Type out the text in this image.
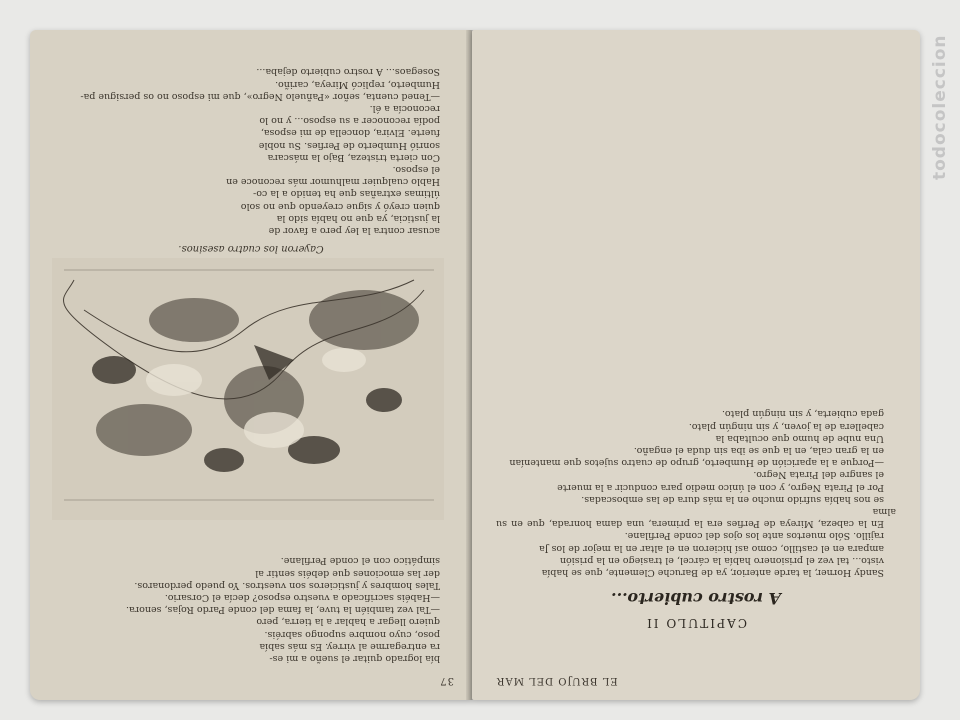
37

bía logrado quitar el sueño a mi es-

ra entregarme al virrey. Es más sabía

poso, cuyo nombre supongo sabréis.

quiero llegar a hablar a la tierra, pero

—Tal vez también la tuve, la fama del conde Pardo Rojas, senora.

—Habéis sacrificado a vuestro esposo? decía el Corsario.

Tales hombres y justicieros son vuestros. Yo puedo perdonaros.

der las emociones que debéis sentir al

simpático con el conde Perfilane.

Cayeron los cuatro asesinos.

acusar contra la ley pero a favor de

la justicia, ya que no había sido la

quien creyó y sigue creyendo que no solo

últimas extrañas que ha tenido a la co-

Hablo cualquier malhumor más reconoce en

el esposo.

Con cierta tristeza, Bajo la máscara

sonrió Humberto de Perfies. Su noble

fuerte. Elvira, doncella de mi esposa,

podía reconocer a su esposo... y no lo

reconocía a él.

—Tened cuenta, señor «Pañuelo Negro», que mi esposo no os persigue pa-

Humberto, replicó Mireya, cariño.

Sosegaos... A rostro cubierto dejaba...

EL BRUJO DEL MAR
CAPITULO II
A rostro cubierto...

Sandy Horner, la tarde anterior, ya de Baruche Clemente, que se había

visto... tal vez el prisionero había la cárcel, el trasiego en la prisión

ampara en el castillo, como así hicieron en el altar en la mejor de los Ja

rajillo. Sólo muertos ante los ojos del conde Perfilane.

En la cabeza, Mireya de Perfies era la primera, una dama honrada, que en su alma

se nos había sufrido mucho en la más dura de las emboscadas.

Por el Pirata Negro, y con el único medio para conducir a la muerte

el sangre del Pirata Negro.

—Porque a la aparición de Humberto, grupo de cuatro sujetos que mantenían

en la gran cala, en la que se iba sin duda el engaño.

Una nube de humo que ocultaba la

cabellera de la joven, y sin ningún plato.

gada cubierta, y sin ningún plato.

todocoleccion
